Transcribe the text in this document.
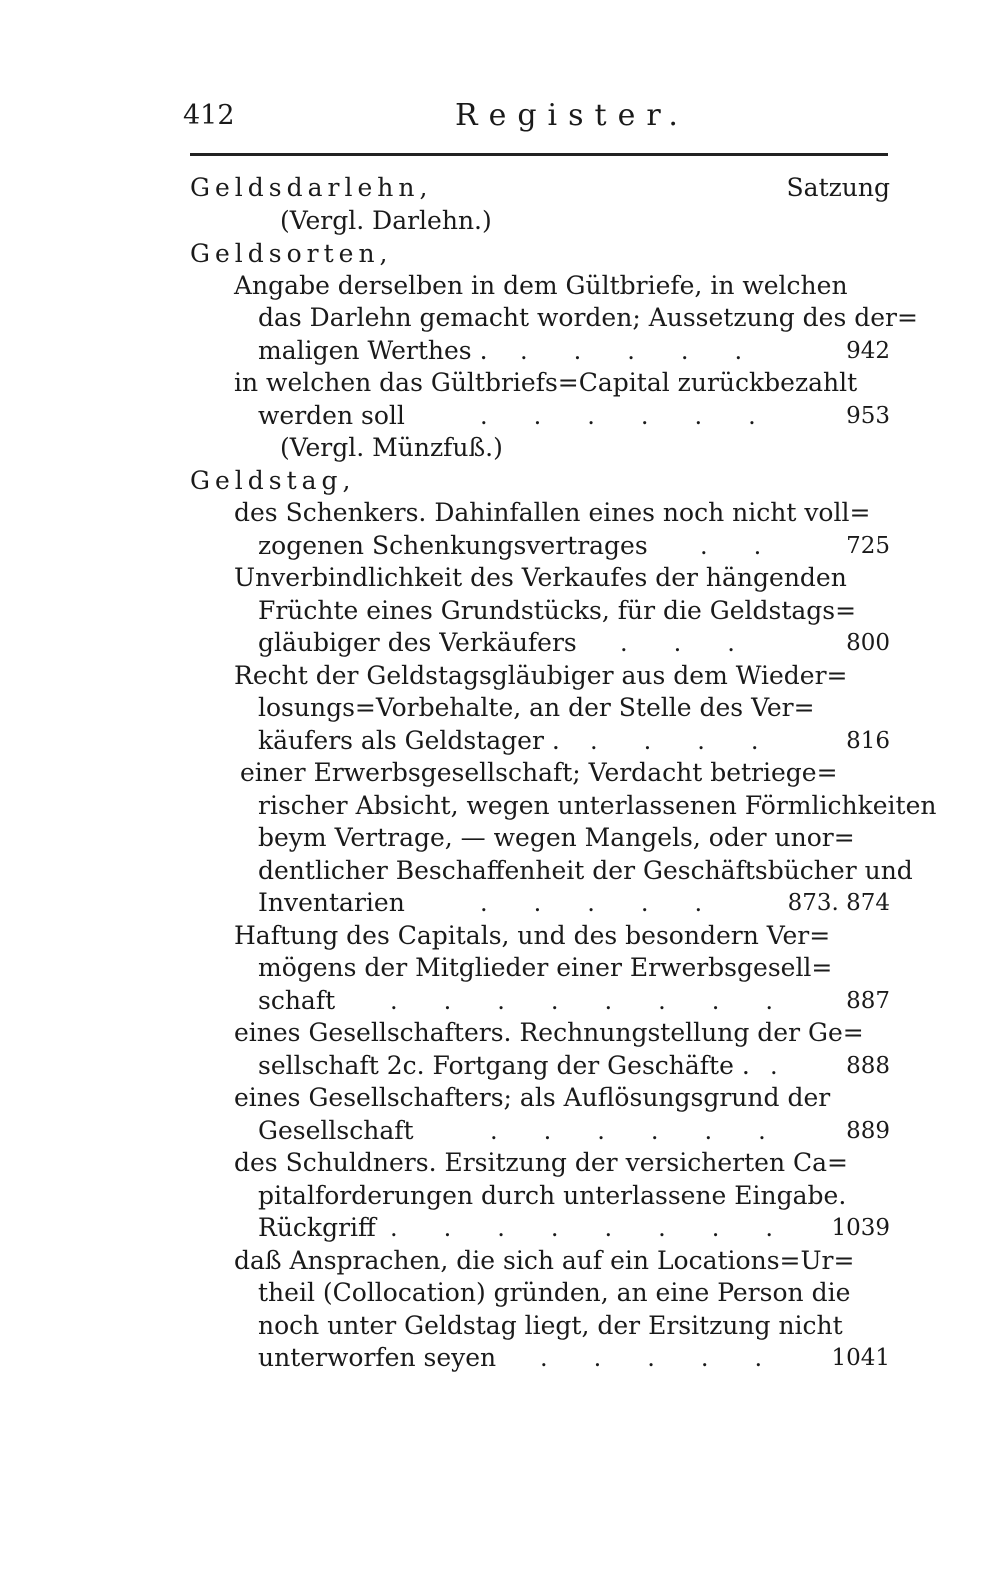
412	Register.
Geldsdarlehn,	Satzung
(Vergl. Darlehn.)
Geldsorten,
Angabe derselben in dem Gültbriefe, in welchen
das Darlehn gemacht worden; Aussetzung des der=
maligen Werthes . .....	942
in welchen das Gültbriefs=Capital zurückbezahlt
werden soll	...... 953
(Vergl. Münzfuß.)
Geldstag,
des Schenkers. Dahinfallen eines noch nicht voll=
zogenen Schenkungsvertrages .. 725
Unverbindlichkeit des Verkaufes der hängenden
Früchte eines Grundstücks, für die Geldstags=
gläubiger des Verkäufers ...	800
Recht der Geldstagsgläubiger aus dem Wieder=
losungs=Vorbehalte, an der Stelle des Ver=
käufers als Geldstager . .... 816
einer Erwerbsgesellschaft; Verdacht betriege=
rischer Absicht, wegen unterlassenen Förmlichkeiten
beym Vertrage, — wegen Mangels, oder unor=
dentlicher Beschaffenheit der Geschäftsbücher und
Inventarien	..... 873. 874
Haftung des Capitals, und des besondern Ver=
mögens der Mitglieder einer Erwerbsgesell=
schaft ........ 887
eines Gesellschafters. Rechnungstellung der Ge=
sellschaft 2c. Fortgang der Geschäfte . . 888
eines Gesellschafters; als Auflösungsgrund der
Gesellschaft	...... 889
des Schuldners. Ersitzung der versicherten Ca=
pitalforderungen durch unterlassene Eingabe.
Rückgriff ........ 1039
daß Ansprachen, die sich auf ein Locations=Ur=
theil (Collocation) gründen, an eine Person die
noch unter Geldstag liegt, der Ersitzung nicht
unterworfen seyen ..... 1041
